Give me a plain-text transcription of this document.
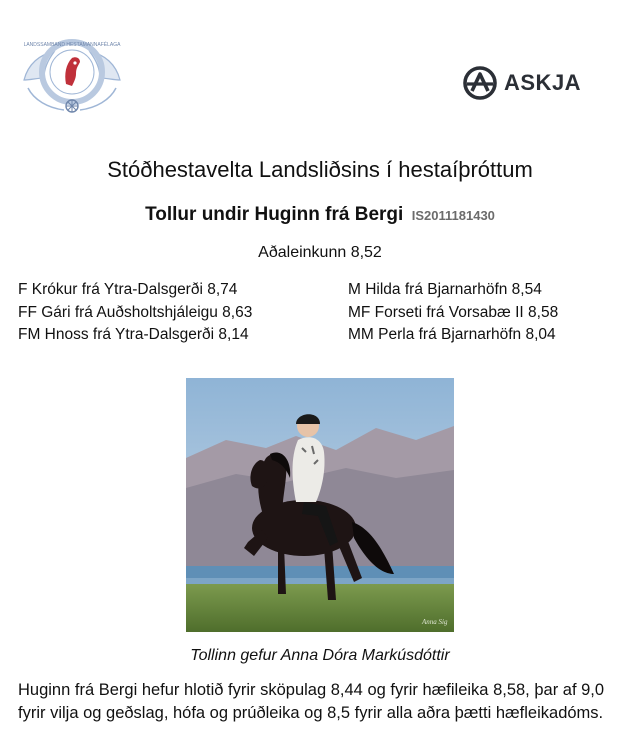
LANDSSAMBAND HESTAMANNAFÉLAGA
ASKJA
Stóðhestavelta Landsliðsins í hestaíþróttum
Tollur undir Huginn frá Bergi IS2011181430
Aðaleinkunn 8,52
F Krókur frá Ytra-Dalsgerði 8,74
FF Gári frá Auðsholtshjáleigu 8,63
FM Hnoss frá Ytra-Dalsgerði 8,14
M Hilda frá Bjarnarhöfn 8,54
MF Forseti frá Vorsabæ II 8,58
MM Perla frá Bjarnarhöfn 8,04
Anna Sig
Tollinn gefur Anna Dóra Markúsdóttir
Huginn frá Bergi hefur hlotið fyrir sköpulag 8,44 og fyrir hæfileika 8,58, þar af 9,0 fyrir vilja og geðslag, hófa og prúðleika og 8,5 fyrir alla aðra þætti hæfleikadóms.
